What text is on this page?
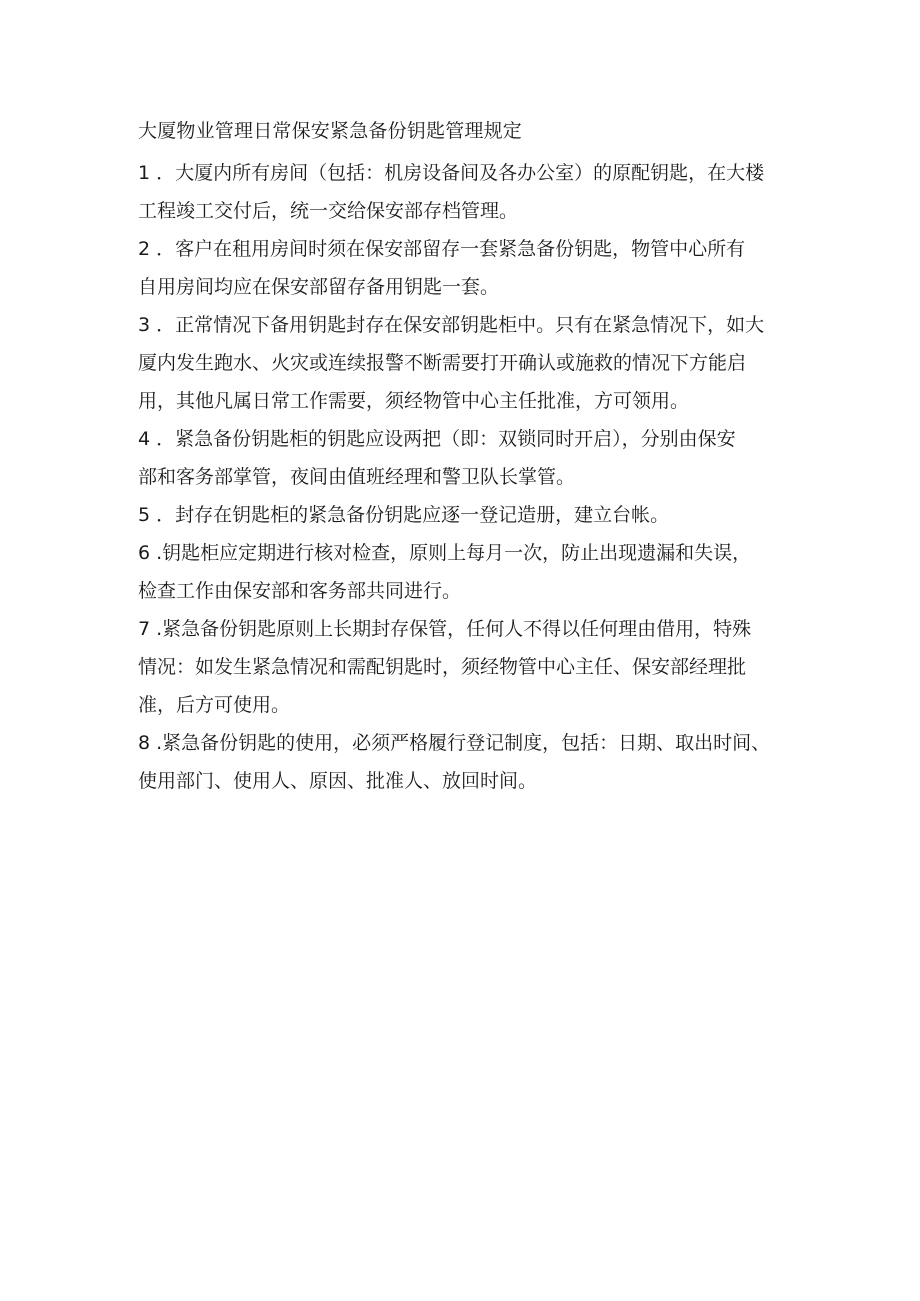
大厦物业管理日常保安紧急备份钥匙管理规定
1 ．大厦内所有房间（包括：机房设备间及各办公室）的原配钥匙，在大楼
工程竣工交付后，统一交给保安部存档管理。
2 ．客户在租用房间时须在保安部留存一套紧急备份钥匙，物管中心所有
自用房间均应在保安部留存备用钥匙一套。
3 ．正常情况下备用钥匙封存在保安部钥匙柜中。只有在紧急情况下，如大
厦内发生跑水、火灾或连续报警不断需要打开确认或施救的情况下方能启
用，其他凡属日常工作需要，须经物管中心主任批准，方可领用。
4 ．紧急备份钥匙柜的钥匙应设两把（即：双锁同时开启），分别由保安
部和客务部掌管，夜间由值班经理和警卫队长掌管。
5 ．封存在钥匙柜的紧急备份钥匙应逐一登记造册，建立台帐。
6 .钥匙柜应定期进行核对检查，原则上每月一次，防止出现遗漏和失误，
检查工作由保安部和客务部共同进行。
7 .紧急备份钥匙原则上长期封存保管，任何人不得以任何理由借用，特殊
情况：如发生紧急情况和需配钥匙时，须经物管中心主任、保安部经理批
准，后方可使用。
8 .紧急备份钥匙的使用，必须严格履行登记制度，包括：日期、取出时间、
使用部门、使用人、原因、批准人、放回时间。
